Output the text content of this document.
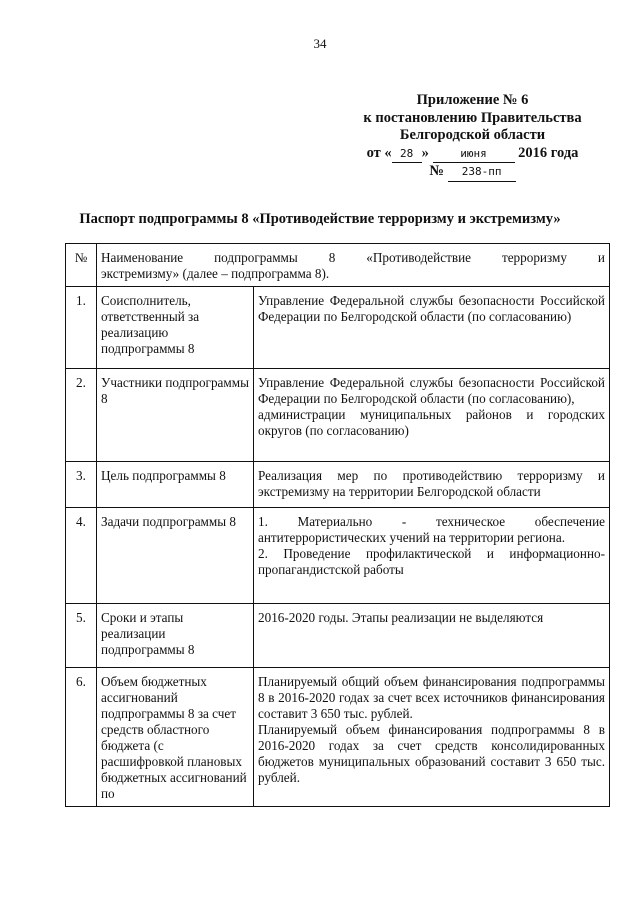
34
Приложение № 6
к постановлению Правительства
Белгородской области
от « 28 »	июня 2016 года
№ 238-пп
Паспорт подпрограммы 8 «Противодействие терроризму и экстремизму»
№	Наименование подпрограммы 8 «Противодействие терроризму и
экстремизму» (далее – подпрограмма 8).	

1.	Соисполнитель, ответственный за реализацию подпрограммы 8	Управление Федеральной службы безопасности Российской Федерации по Белгородской области (по согласованию)
2.	Участники подпрограммы 8	Управление Федеральной службы безопасности Российской Федерации по Белгородской области (по согласованию),
администрации муниципальных районов и городских округов (по согласованию)

3.	Цель подпрограммы 8	Реализация мер по противодействию терроризму и экстремизму на территории Белгородской области
4.	Задачи подпрограммы 8	1. Материально - техническое обеспечение
антитеррористических учений на территории региона.
2. Проведение профилактической и информационно-пропагандистской работы

5.	Сроки и этапы реализации подпрограммы 8	2016-2020 годы. Этапы реализации не выделяются
6.	Объем бюджетных ассигнований подпрограммы 8 за счет средств областного бюджета (с расшифровкой плановых бюджетных ассигнований по	Планируемый общий объем финансирования подпрограммы 8 в 2016-2020 годах за счет всех источников финансирования составит 3 650 тыс. рублей.
Планируемый объем финансирования подпрограммы 8 в 2016-2020 годах за счет средств консолидированных бюджетов муниципальных образований составит 3 650 тыс. рублей.
